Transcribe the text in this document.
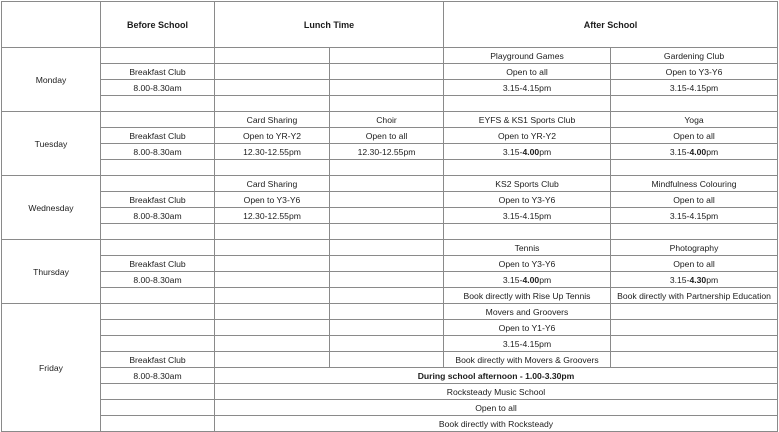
	Before School	Lunch Time		After School	
Monday				Playground Games	Gardening Club
	Breakfast Club			Open to all	Open to Y3-Y6
	8.00-8.30am			3.15-4.15pm	3.15-4.15pm

Tuesday		Card Sharing	Choir	EYFS & KS1 Sports Club	Yoga
	Breakfast Club	Open to YR-Y2	Open to all	Open to YR-Y2	Open to all
	8.00-8.30am	12.30-12.55pm	12.30-12.55pm	3.15-4.00pm	3.15-4.00pm

Wednesday		Card Sharing		KS2 Sports Club	Mindfulness Colouring
	Breakfast Club	Open to Y3-Y6		Open to Y3-Y6	Open to all
	8.00-8.30am	12.30-12.55pm		3.15-4.15pm	3.15-4.15pm

Thursday				Tennis	Photography
	Breakfast Club			Open to Y3-Y6	Open to all
	8.00-8.30am			3.15-4.00pm	3.15-4.30pm
				Book directly with Rise Up Tennis	Book directly with Partnership Education
Friday				Movers and Groovers	
				Open to Y1-Y6	
				3.15-4.15pm	
	Breakfast Club			Book directly with Movers & Groovers	
	8.00-8.30am	During school afternoon - 1.00-3.30pm			
		Rocksteady Music School			
		Open to all			
		Book directly with Rocksteady			
